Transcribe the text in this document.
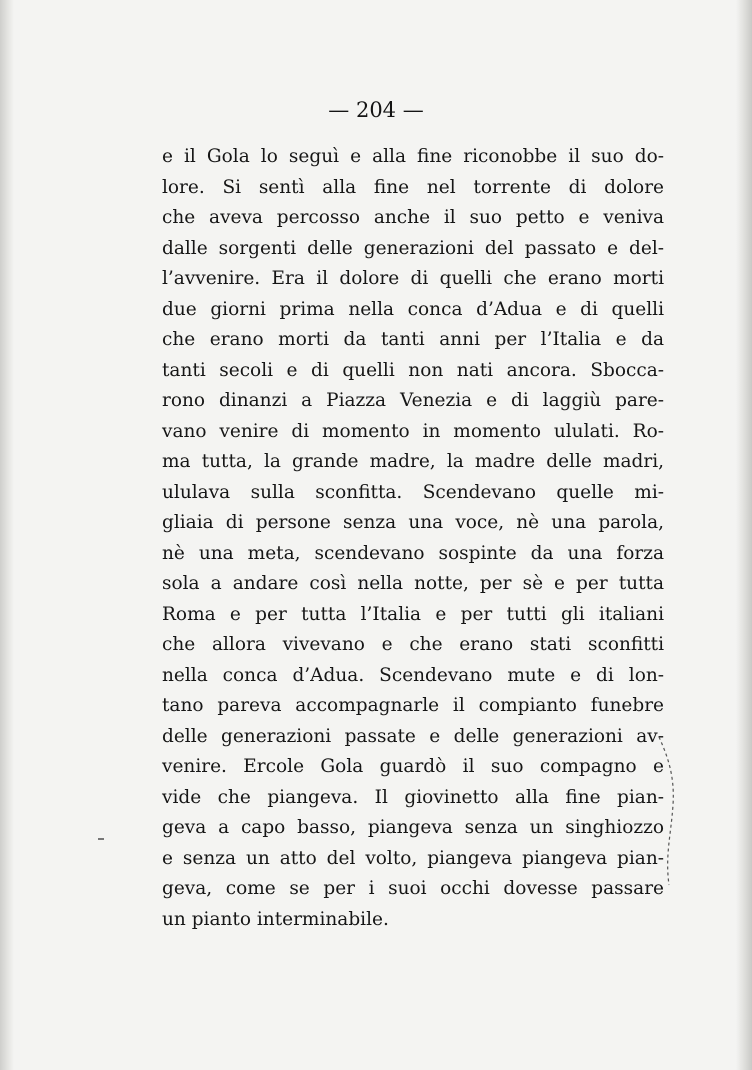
— 204 —

e il Gola lo seguì e alla fine riconobbe il suo do-
lore. Si sentì alla fine nel torrente di dolore
che aveva percosso anche il suo petto e veniva
dalle sorgenti delle generazioni del passato e del-
l’avvenire. Era il dolore di quelli che erano morti
due giorni prima nella conca d’Adua e di quelli
che erano morti da tanti anni per l’Italia e da
tanti secoli e di quelli non nati ancora. Sbocca-
rono dinanzi a Piazza Venezia e di laggiù pare-
vano venire di momento in momento ululati. Ro-
ma tutta, la grande madre, la madre delle madri,
ululava sulla sconfitta. Scendevano quelle mi-
gliaia di persone senza una voce, nè una parola,
nè una meta, scendevano sospinte da una forza
sola a andare così nella notte, per sè e per tutta
Roma e per tutta l’Italia e per tutti gli italiani
che allora vivevano e che erano stati sconfitti
nella conca d’Adua. Scendevano mute e di lon-
tano pareva accompagnarle il compianto funebre
delle generazioni passate e delle generazioni av-
venire. Ercole Gola guardò il suo compagno e
vide che piangeva. Il giovinetto alla fine pian-
geva a capo basso, piangeva senza un singhiozzo
e senza un atto del volto, piangeva piangeva pian-
geva, come se per i suoi occhi dovesse passare
un pianto interminabile.
